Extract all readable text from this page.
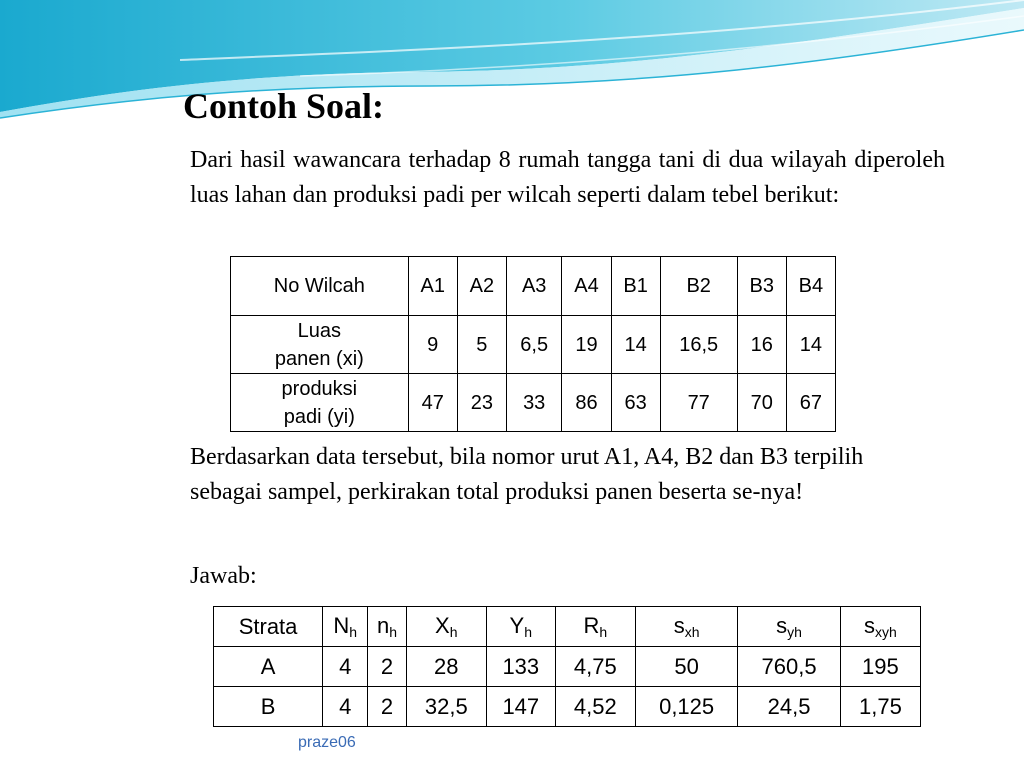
Contoh Soal:
Dari hasil wawancara terhadap 8 rumah tangga tani di dua wilayah diperoleh luas lahan dan produksi padi per wilcah seperti dalam tebel berikut:
No Wilcah	A1	A2	A3	A4	B1	B2	B3	B4

Luas
panen (xi)	9	5	6,5	19	14	16,5	16	14

produksi
padi (yi)	47	23	33	86	63	77	70	67
Berdasarkan data tersebut, bila nomor urut A1, A4, B2 dan B3 terpilih sebagai sampel, perkirakan total produksi panen beserta se-nya!
Jawab:
Strata	$N_h$	$n_h$	$X_h$	$Y_h$	$R_h$	$s_{xh}$	$s_{yh}$	$s_{xyh}$
A	4	2	28	133	4,75	50	760,5	195
B	4	2	32,5	147	4,52	0,125	24,5	1,75
praze06
